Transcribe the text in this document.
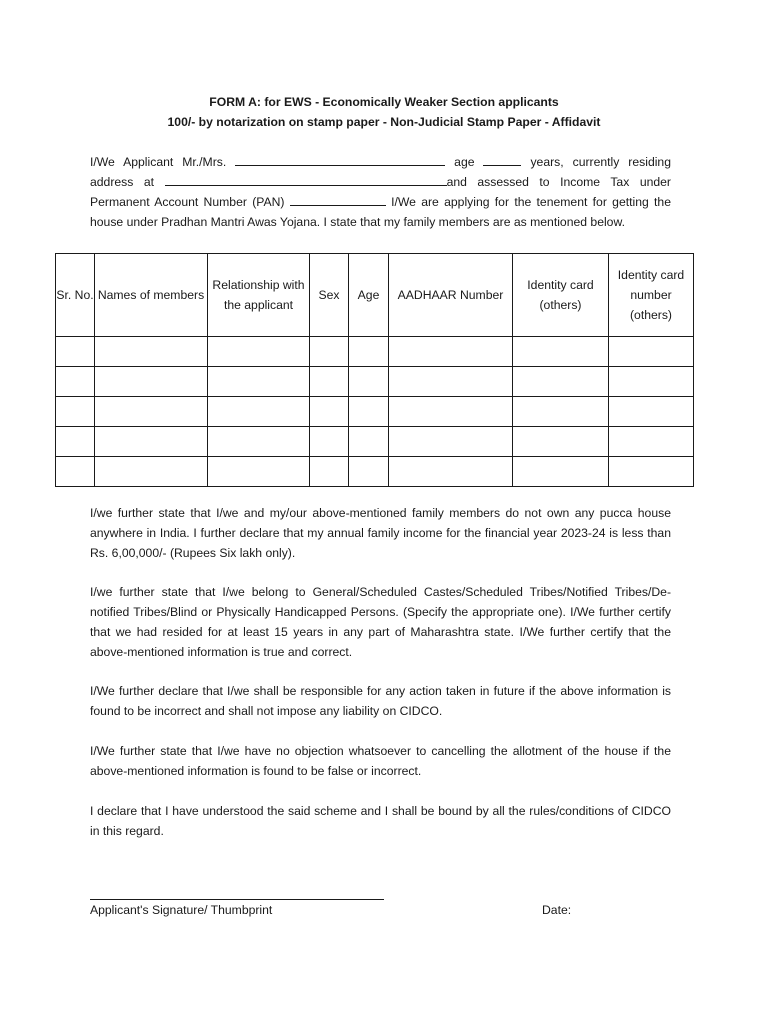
FORM A: for EWS - Economically Weaker Section applicants
100/- by notarization on stamp paper - Non-Judicial Stamp Paper - Affidavit

I/We Applicant Mr./Mrs.	age	years, currently residing address at	and assessed to Income Tax under Permanent Account Number (PAN)	I/We are applying for the tenement for getting the house under Pradhan Mantri Awas Yojana. I state that my family members are as mentioned below.

Sr. No.	Names of members	Relationship with the applicant	Sex	Age	AADHAAR Number	Identity card (others)	Identity card number (others)

I/we further state that I/we and my/our above-mentioned family members do not own any pucca house anywhere in India. I further declare that my annual family income for the financial year 2023-24 is less than Rs. 6,00,000/- (Rupees Six lakh only).

I/we further state that I/we belong to General/Scheduled Castes/Scheduled Tribes/Notified Tribes/De-notified Tribes/Blind or Physically Handicapped Persons. (Specify the appropriate one). I/We further certify that we had resided for at least 15 years in any part of Maharashtra state. I/We further certify that the above-mentioned information is true and correct.

I/We further declare that I/we shall be responsible for any action taken in future if the above information is found to be incorrect and shall not impose any liability on CIDCO.

I/We further state that I/we have no objection whatsoever to cancelling the allotment of the house if the above-mentioned information is found to be false or incorrect.

I declare that I have understood the said scheme and I shall be bound by all the rules/conditions of CIDCO in this regard.

Applicant's Signature/ Thumbprint	Date:
